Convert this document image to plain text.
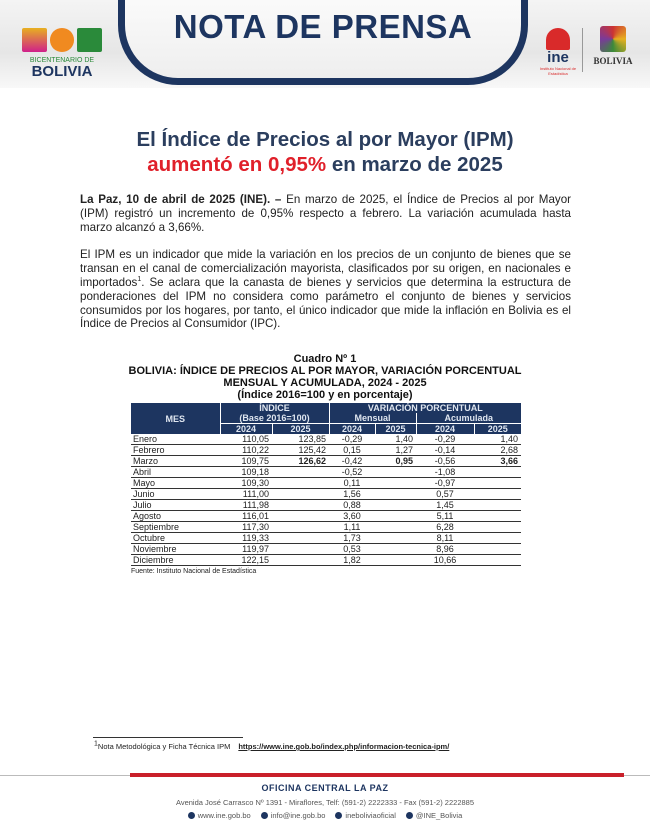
BICENTENARIO DE
BOLIVIA
NOTA DE PRENSA
ine
Instituto Nacional de Estadística
BOLIVIA
El Índice de Precios al por Mayor (IPM)
aumentó en 0,95% en marzo de 2025
La Paz, 10 de abril de 2025 (INE). – En marzo de 2025, el Índice de Precios al por Mayor (IPM) registró un incremento de 0,95% respecto a febrero. La variación acumulada hasta marzo alcanzó a 3,66%.
El IPM es un indicador que mide la variación en los precios de un conjunto de bienes que se transan en el canal de comercialización mayorista, clasificados por su origen, en nacionales e importados$^1$. Se aclara que la canasta de bienes y servicios que determina la estructura de ponderaciones del IPM no considera como parámetro el conjunto de bienes y servicios consumidos por los hogares, por tanto, el único indicador que mide la inflación en Bolivia es el Índice de Precios al Consumidor (IPC).
Cuadro Nº 1
BOLIVIA: ÍNDICE DE PRECIOS AL POR MAYOR, VARIACIÓN PORCENTUAL
MENSUAL Y ACUMULADA, 2024 - 2025
(Índice 2016=100 y en porcentaje)
MES	ÍNDICE		VARIACIÓN PORCENTUAL			
	(Base 2016=100)		Mensual		Acumulada	
	2024	2025	2024	2025	2024	2025
Enero	110,05	123,85	-0,29	1,40	-0,29	1,40
Febrero	110,22	125,42	0,15	1,27	-0,14	2,68
Marzo	109,75	126,62	-0,42	0,95	-0,56	3,66
Abril	109,18		-0,52		-1,08	
Mayo	109,30		0,11		-0,97	
Junio	111,00		1,56		0,57	
Julio	111,98		0,88		1,45	
Agosto	116,01		3,60		5,11	
Septiembre	117,30		1,11		6,28	
Octubre	119,33		1,73		8,11	
Noviembre	119,97		0,53		8,96	
Diciembre	122,15		1,82		10,66	
Fuente: Instituto Nacional de Estadística
$^1$Nota Metodológica y Ficha Técnica IPM https://www.ine.gob.bo/index.php/informacion-tecnica-ipm/
OFICINA CENTRAL LA PAZ
Avenida José Carrasco Nº 1391 - Miraflores, Telf: (591-2) 2222333 - Fax (591-2) 2222885
www.ine.gob.bo	info@ine.gob.bo	ineboliviaoficial	@INE_Bolivia
